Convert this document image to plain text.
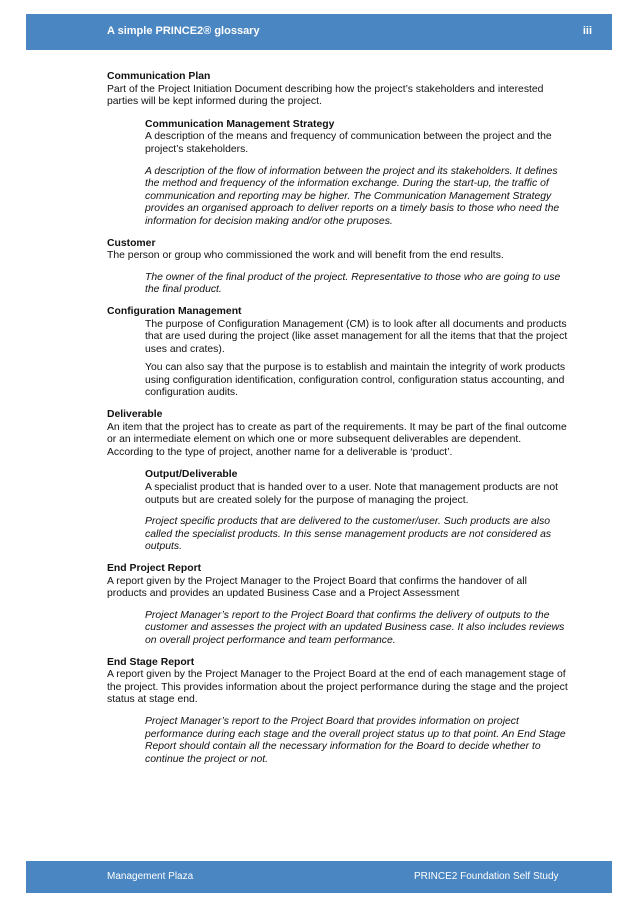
A simple PRINCE2® glossary	iii

Communication Plan

Part of the Project Initiation Document describing how the project’s stakeholders and interested parties will be kept informed during the project.

Communication Management Strategy

A description of the means and frequency of communication between the project and the project’s stakeholders.

A description of the flow of information between the project and its stakeholders. It defines the method and frequency of the information exchange. During the start-up, the traffic of communication and reporting may be higher. The Communication Management Strategy provides an organised approach to deliver reports on a timely basis to those who need the information for decision making and/or othe pruposes.

Customer

The person or group who commissioned the work and will benefit from the end results.

The owner of the final product of the project. Representative to those who are going to use the final product.

Configuration Management

The purpose of Configuration Management (CM) is to look after all documents and products that are used during the project (like asset management for all the items that that the project uses and crates).

You can also say that the purpose is to establish and maintain the integrity of work products using configuration identification, configuration control, configuration status accounting, and configuration audits.

Deliverable

An item that the project has to create as part of the requirements. It may be part of the final outcome or an intermediate element on which one or more subsequent deliverables are dependent. According to the type of project, another name for a deliverable is ‘product’.

Output/Deliverable

A specialist product that is handed over to a user. Note that management products are not outputs but are created solely for the purpose of managing the project.

Project specific products that are delivered to the customer/user. Such products are also called the specialist products. In this sense management products are not considered as outputs.

End Project Report

A report given by the Project Manager to the Project Board that confirms the handover of all products and provides an updated Business Case and a Project Assessment

Project Manager’s report to the Project Board that confirms the delivery of outputs to the customer and assesses the project with an updated Business case. It also includes reviews on overall project performance and team performance.

End Stage Report

A report given by the Project Manager to the Project Board at the end of each management stage of the project. This provides information about the project performance during the stage and the project status at stage end.

Project Manager’s report to the Project Board that provides information on project performance during each stage and the overall project status up to that point. An End Stage Report should contain all the necessary information for the Board to decide whether to continue the project or not.

Management Plaza	PRINCE2 Foundation Self Study
